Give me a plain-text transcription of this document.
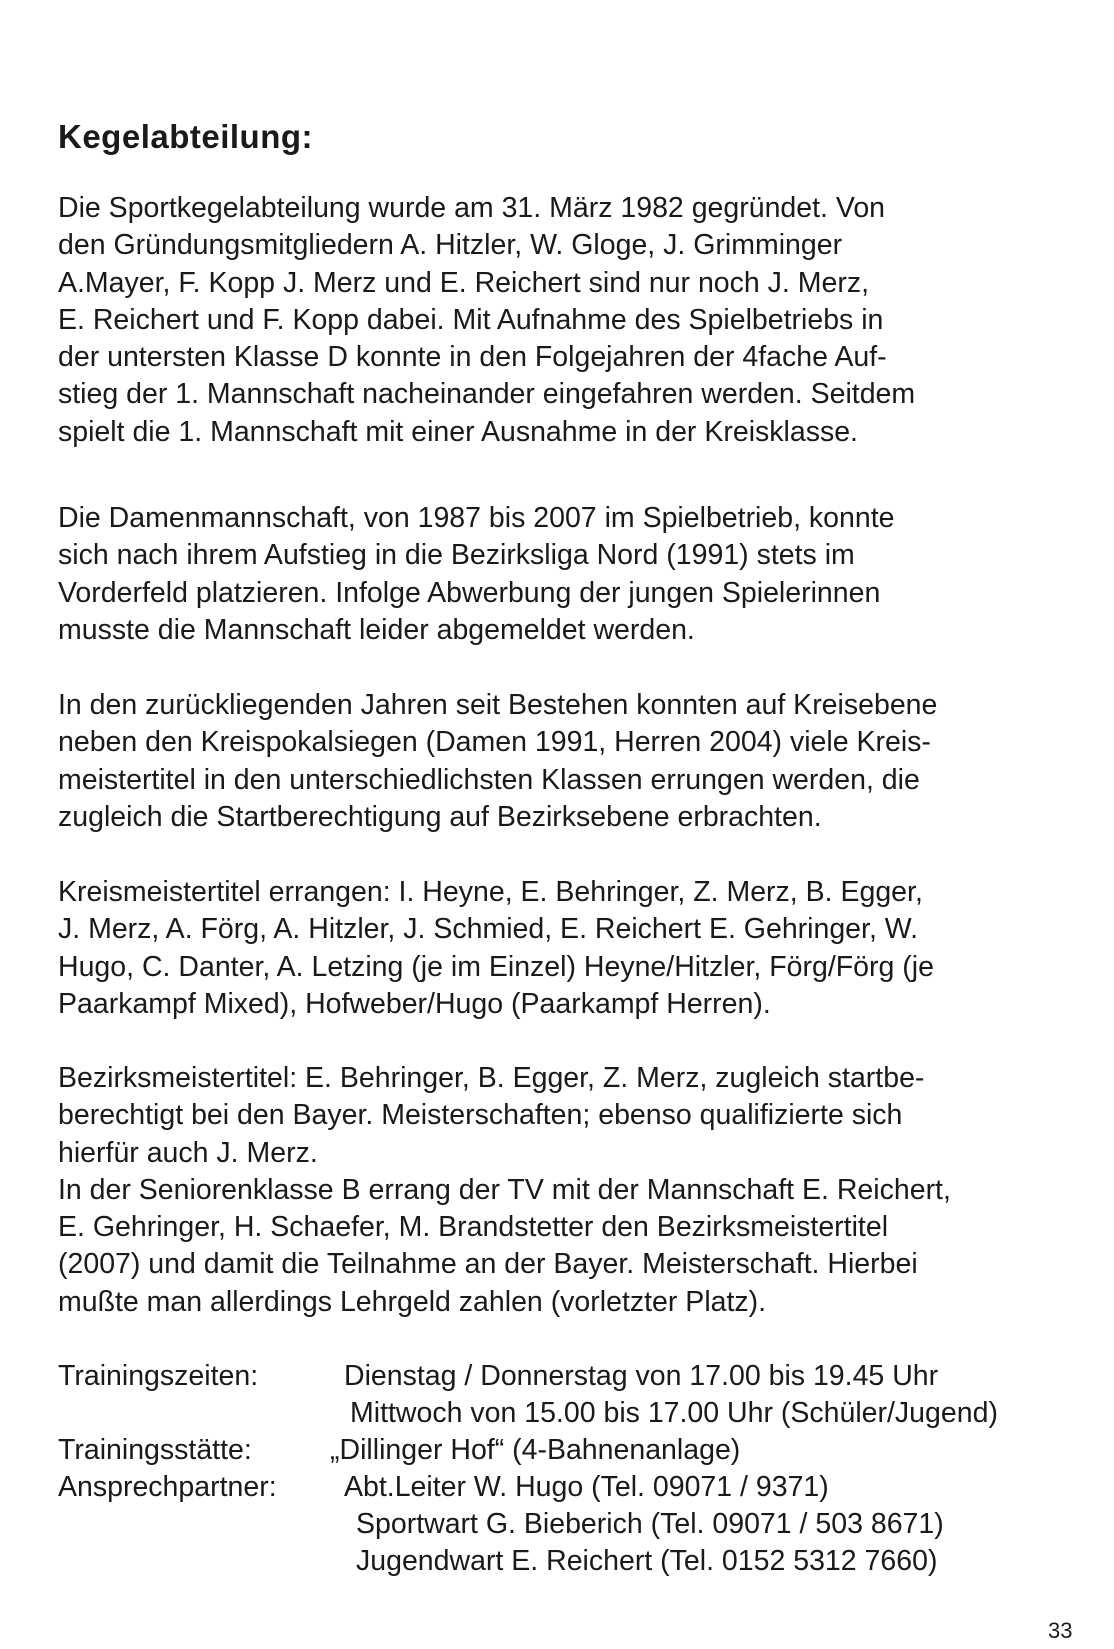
Kegelabteilung:
Die Sportkegelabteilung wurde am 31. März 1982 gegründet. Von
den Gründungsmitgliedern A. Hitzler, W. Gloge, J. Grimminger
A.Mayer, F. Kopp J. Merz und E. Reichert sind nur noch J. Merz,
E. Reichert und F. Kopp dabei. Mit Aufnahme des Spielbetriebs in
der untersten Klasse D konnte in den Folgejahren der 4fache Auf-
stieg der 1. Mannschaft nacheinander eingefahren werden. Seitdem
spielt die 1. Mannschaft mit einer Ausnahme in der Kreisklasse.
Die Damenmannschaft, von 1987 bis 2007 im Spielbetrieb, konnte
sich nach ihrem Aufstieg in die Bezirksliga Nord (1991) stets im
Vorderfeld platzieren. Infolge Abwerbung der jungen Spielerinnen
musste die Mannschaft leider abgemeldet werden.
In den zurückliegenden Jahren seit Bestehen konnten auf Kreisebene
neben den Kreispokalsiegen (Damen 1991, Herren 2004) viele Kreis-
meistertitel in den unterschiedlichsten Klassen errungen werden, die
zugleich die Startberechtigung auf Bezirksebene erbrachten.
Kreismeistertitel errangen: I. Heyne, E. Behringer, Z. Merz, B. Egger,
J. Merz, A. Förg, A. Hitzler, J. Schmied, E. Reichert E. Gehringer, W.
Hugo, C. Danter, A. Letzing (je im Einzel) Heyne/Hitzler, Förg/Förg (je
Paarkampf Mixed), Hofweber/Hugo (Paarkampf Herren).
Bezirksmeistertitel: E. Behringer, B. Egger, Z. Merz, zugleich startbe-
berechtigt bei den Bayer. Meisterschaften; ebenso qualifizierte sich
hierfür auch J. Merz.
In der Seniorenklasse B errang der TV mit der Mannschaft E. Reichert,
E. Gehringer, H. Schaefer, M. Brandstetter den Bezirksmeistertitel
(2007) und damit die Teilnahme an der Bayer. Meisterschaft. Hierbei
mußte man allerdings Lehrgeld zahlen (vorletzter Platz).
Trainingszeiten:	Dienstag / Donnerstag von 17.00 bis 19.45 Uhr
Mittwoch von 15.00 bis 17.00 Uhr (Schüler/Jugend)
Trainingsstätte:	„Dillinger Hof“ (4-Bahnenanlage)
Ansprechpartner: Abt.Leiter W. Hugo (Tel. 09071 / 9371)
Sportwart G. Bieberich (Tel. 09071 / 503 8671)
Jugendwart E. Reichert (Tel. 0152 5312 7660)
33
